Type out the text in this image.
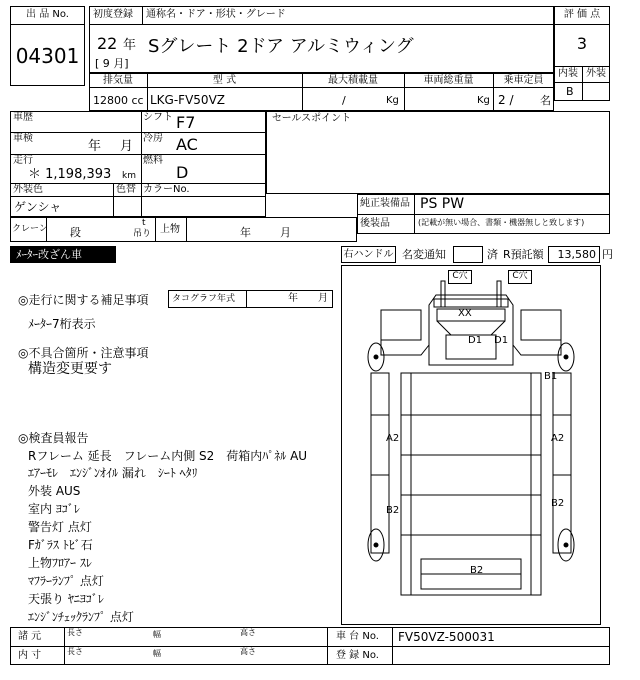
出 品 No.
04301
初度登録 通称名・ドア・形状・グレード
22 年
[ 9 月]
Sグレート 2ドア アルミウィング
評 価 点
3
内装 外装
B
排気量	型 式	最大積載量	車両総重量	乗車定員
12800 cc LKG-FV50VZ	/	Kg	Kg 2 / 名
車歴	シフト F7
車検
年 月
冷房 AC
走行
＊ 1,198,393 km
燃料
D
外装色	色替 カラーNo.
ゲンシャ
セールスポイント
純正装備品 PS PW
後装品	(記載が無い場合、書類・機器無しと致します)
クレーン 段
t
吊り 上物	年	月
ﾒｰﾀｰ改ざん車	右ハンドル 名変通知	済 R預託額	13,580 円
◎走行に関する補足事項	タコグラフ年式	年 月
ﾒｰﾀｰ7桁表示
◎不具合箇所・注意事項
構造変更要す
◎検査員報告
Rフレーム 延長　フレーム内側 S2　荷箱内ﾊﾟﾈﾙ AU
ｴｱｰﾓﾚ　ｴﾝｼﾞﾝｵｲﾙ 漏れ　ｼｰﾄ ﾍﾀﾘ
外装 AUS
室内 ﾖｺﾞﾚ
警告灯 点灯
Fｶﾞﾗｽ ﾄﾋﾞ石
上物ﾌﾛｱｰ ｽﾚ
ﾏﾌﾗｰﾗﾝﾌﾟ 点灯
天張り ﾔﾆﾖｺﾞﾚ
ｴﾝｼﾞﾝﾁｪｯｸﾗﾝﾌﾟ 点灯
C穴	C穴
XX
D1 D1
B1
A2	A2
B2
B2
B2
諸 元
内 寸
長さ	幅	高さ
長さ	幅	高さ
車 台 No. FV50VZ-500031
登 録 No.
